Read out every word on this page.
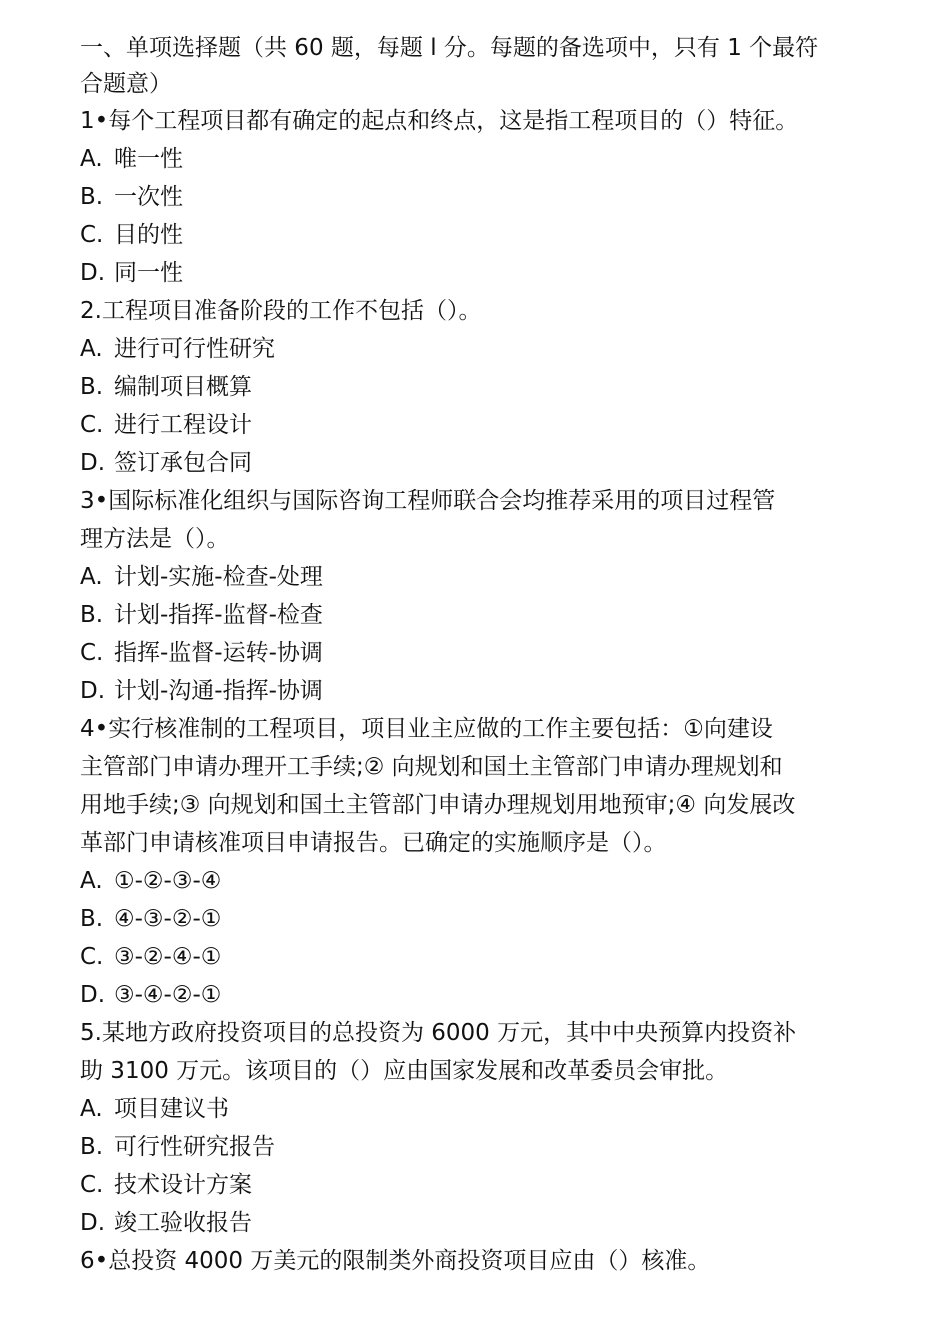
一、单项选择题（共 60 题，每题 l 分。每题的备选项中，只有 1 个最符
合题意）
1•每个工程项目都有确定的起点和终点，这是指工程项目的（）特征。
A. 唯一性
B. 一次性
C. 目的性
D. 同一性
2.工程项目准备阶段的工作不包括（）。
A. 进行可行性研究
B. 编制项目概算
C. 进行工程设计
D. 签订承包合同
3•国际标准化组织与国际咨询工程师联合会均推荐采用的项目过程管
理方法是（）。
A. 计划-实施-检查-处理
B. 计划-指挥-监督-检查
C. 指挥-监督-运转-协调
D. 计划-沟通-指挥-协调
4•实行核准制的工程项目，项目业主应做的工作主要包括：①向建设
主管部门申请办理开工手续;② 向规划和国土主管部门申请办理规划和
用地手续;③ 向规划和国土主管部门申请办理规划用地预审;④ 向发展改
革部门申请核准项目申请报告。已确定的实施顺序是（）。
A. ①-②-③-④
B. ④-③-②-①
C. ③-②-④-①
D. ③-④-②-①
5.某地方政府投资项目的总投资为 6000 万元，其中中央预算内投资补
助 3100 万元。该项目的（）应由国家发展和改革委员会审批。
A. 项目建议书
B. 可行性研究报告
C. 技术设计方案
D. 竣工验收报告
6•总投资 4000 万美元的限制类外商投资项目应由（）核准。
